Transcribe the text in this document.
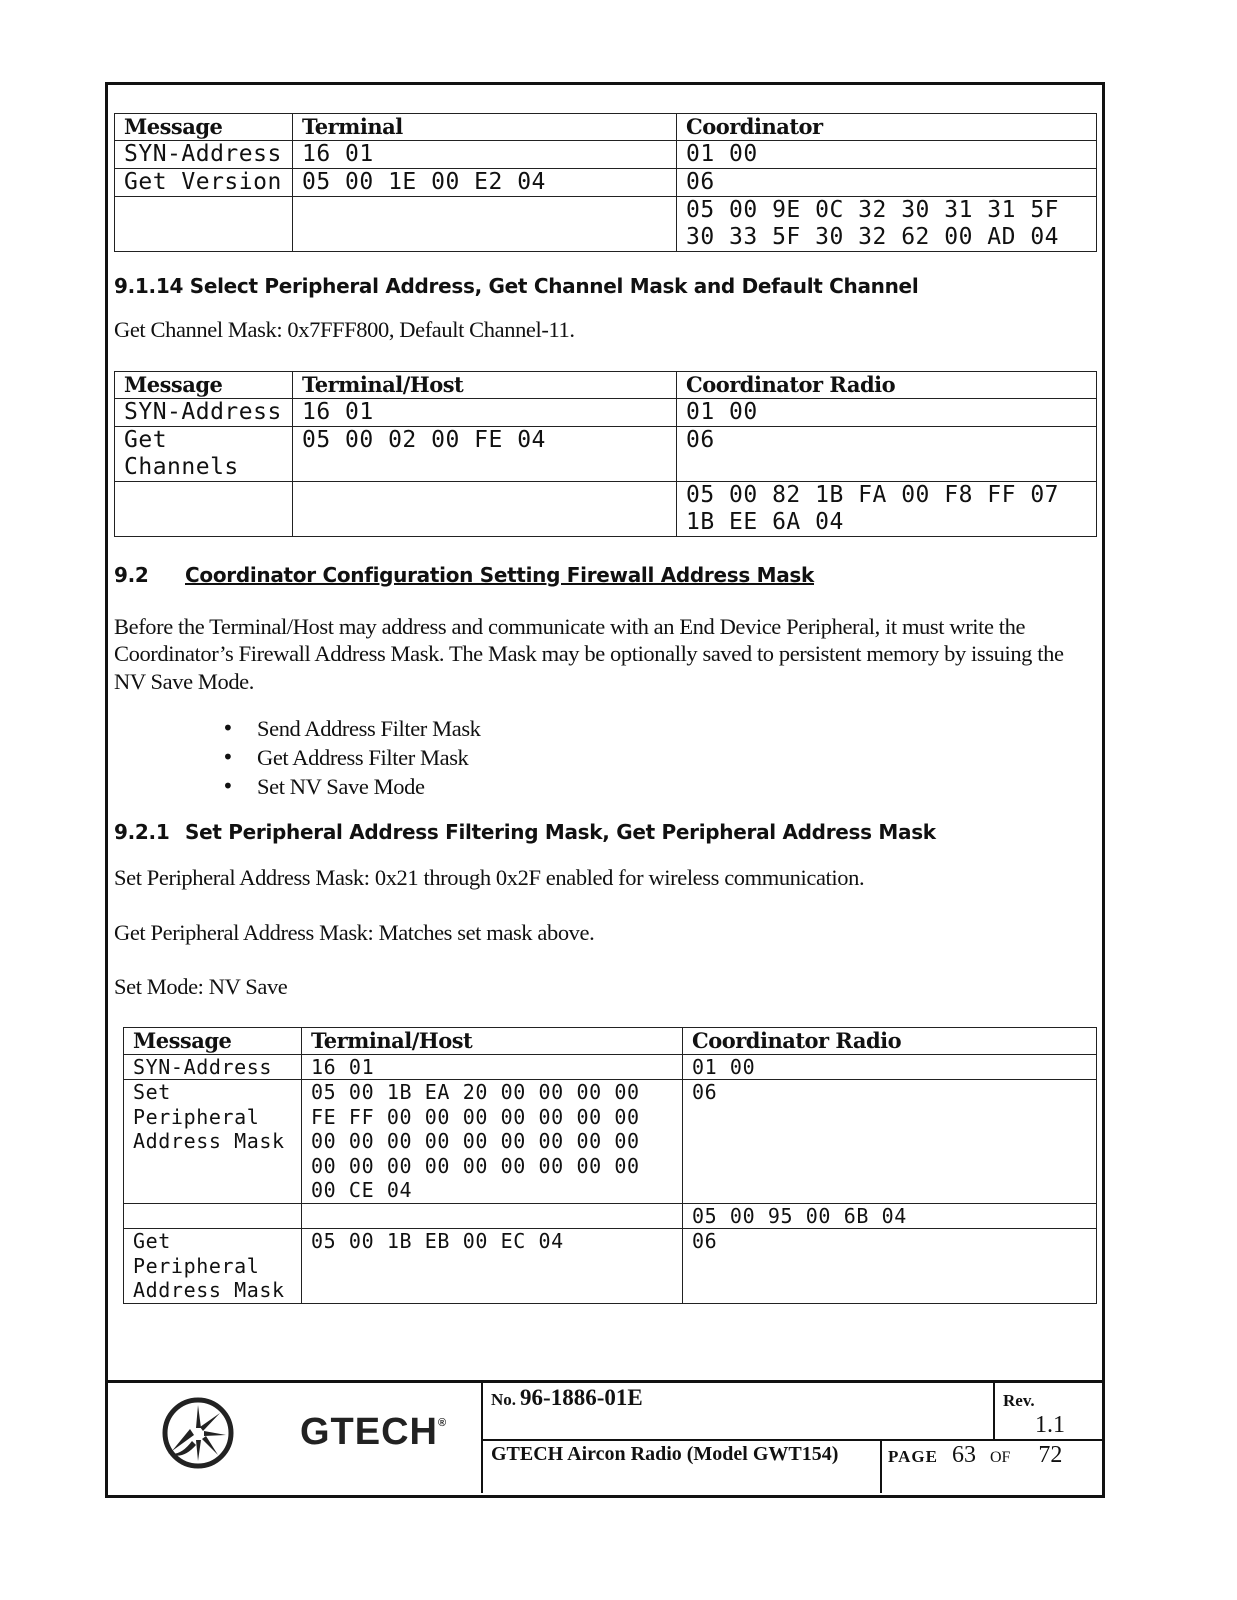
Message	Terminal	Coordinator
SYN-Address	16 01	01 00
Get Version	05 00 1E 00 E2 04	06
		05 00 9E 0C 32 30 31 31 5F
30 33 5F 30 32 62 00 AD 04
9.1.14 Select Peripheral Address, Get Channel Mask and Default Channel

Get Channel Mask: 0x7FFF800, Default Channel-11.

Message	Terminal/Host	Coordinator Radio
SYN-Address	16 01	01 00
Get
Channels	05 00 02 00 FE 04	06
		05 00 82 1B FA 00 F8 FF 07
1B EE 6A 04
9.2 Coordinator Configuration Setting Firewall Address Mask

Before the Terminal/Host may address and communicate with an End Device Peripheral, it must write the Coordinator’s Firewall Address Mask. The Mask may be optionally saved to persistent memory by issuing the NV Save Mode.

• Send Address Filter Mask
• Get Address Filter Mask
• Set NV Save Mode
9.2.1 Set Peripheral Address Filtering Mask, Get Peripheral Address Mask

Set Peripheral Address Mask: 0x21 through 0x2F enabled for wireless communication.

Get Peripheral Address Mask: Matches set mask above.

Set Mode: NV Save

Message	Terminal/Host	Coordinator Radio
SYN-Address	16 01	01 00
Set
Peripheral
Address Mask	05 00 1B EA 20 00 00 00 00
FE FF 00 00 00 00 00 00 00
00 00 00 00 00 00 00 00 00
00 00 00 00 00 00 00 00 00
00 CE 04	06
		05 00 95 00 6B 04
Get
Peripheral
Address Mask	05 00 1B EB 00 EC 04	06
GTECH®
No. 96-1886-01E	Rev.
1.1
GTECH Aircon Radio (Model GWT154)	PAGE 63 OF 72
